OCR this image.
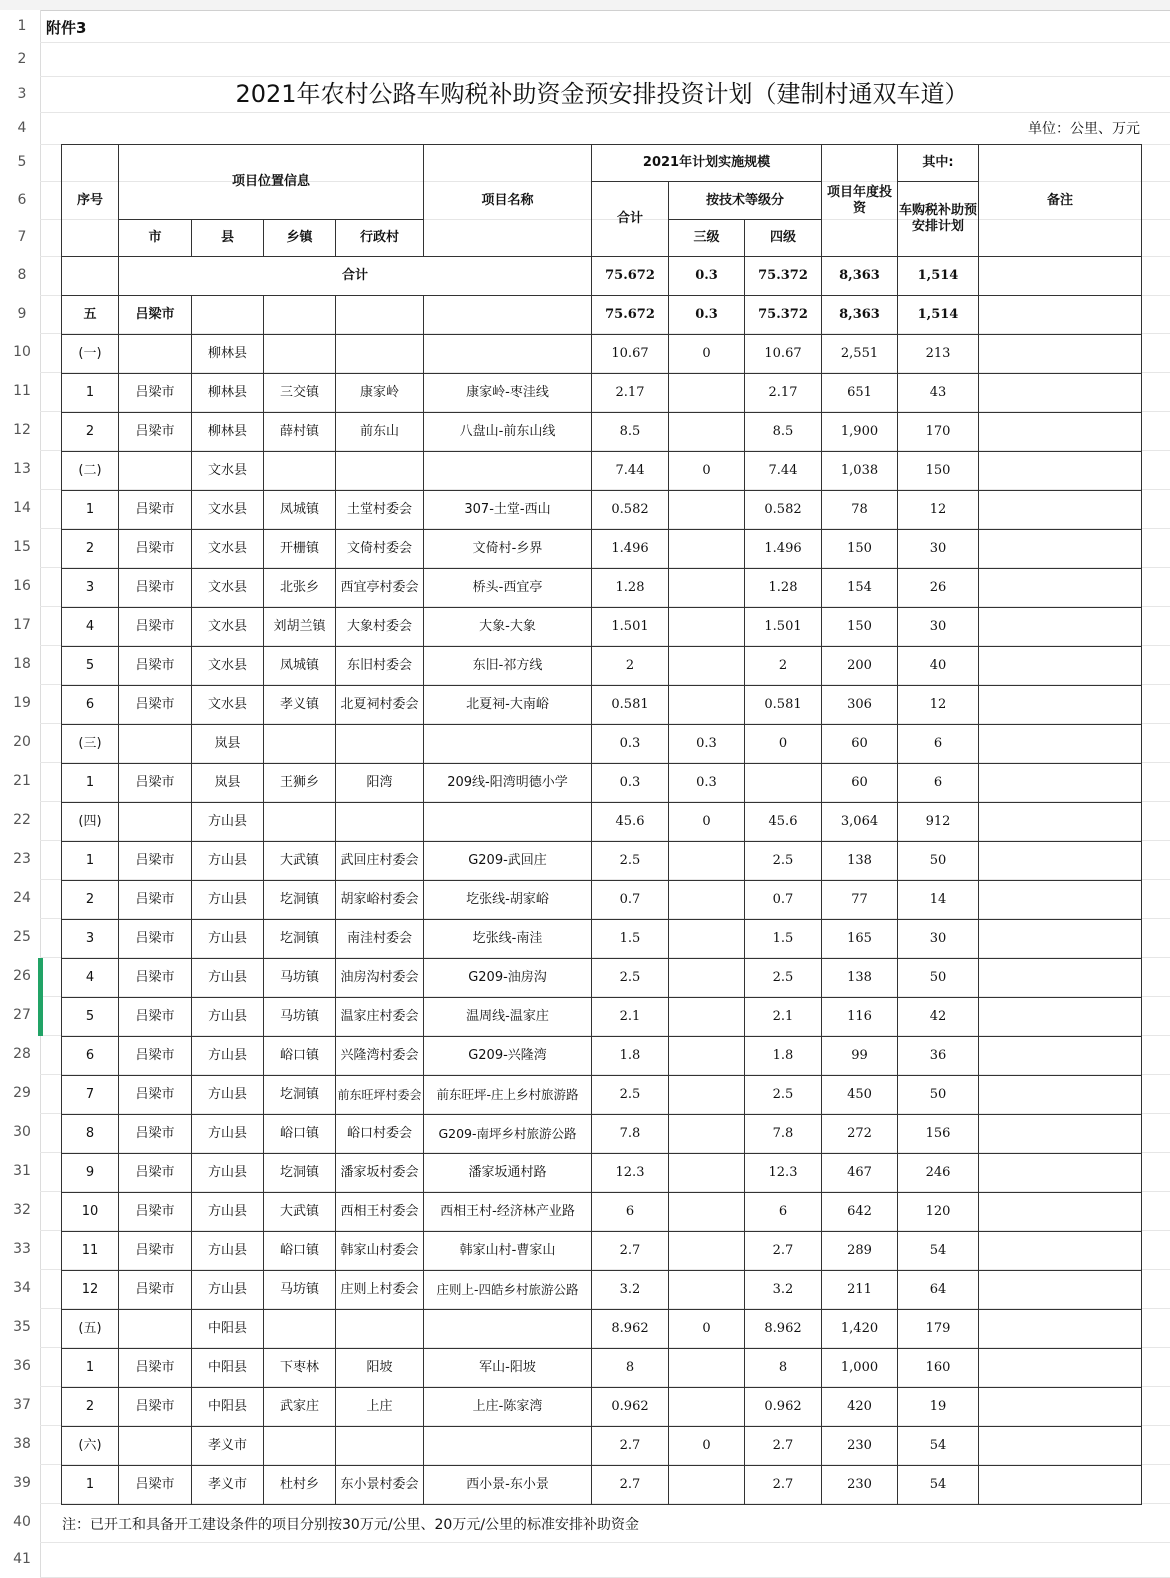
1
2
3
4
5
6
7
8
9
10
11
12
13
14
15
16
17
18
19
20
21
22
23
24
25
26
27
28
29
30
31
32
33
34
35
36
37
38
39
40
41
附件3
2021年农村公路车购税补助资金预安排投资计划（建制村通双车道）
单位：公里、万元
序号	项目位置信息				项目名称	2021年计划实施规模			项目年度投资	其中:	备注
						合计	按技术等级分			车购税补助预安排计划	
	市	县	乡镇	行政村			三级	四级			
	合计					75.672	0.3	75.372	8,363	1,514	
五	吕梁市					75.672	0.3	75.372	8,363	1,514	
(一)		柳林县				10.67	0	10.67	2,551	213	
1	吕梁市	柳林县	三交镇	康家岭	康家岭-枣洼线	2.17		2.17	651	43	
2	吕梁市	柳林县	薛村镇	前东山	八盘山-前东山线	8.5		8.5	1,900	170	
(二)		文水县				7.44	0	7.44	1,038	150	
1	吕梁市	文水县	凤城镇	土堂村委会	307-土堂-西山	0.582		0.582	78	12	
2	吕梁市	文水县	开栅镇	文倚村委会	文倚村-乡界	1.496		1.496	150	30	
3	吕梁市	文水县	北张乡	西宜亭村委会	桥头-西宜亭	1.28		1.28	154	26	
4	吕梁市	文水县	刘胡兰镇	大象村委会	大象-大象	1.501		1.501	150	30	
5	吕梁市	文水县	凤城镇	东旧村委会	东旧-祁方线	2		2	200	40	
6	吕梁市	文水县	孝义镇	北夏祠村委会	北夏祠-大南峪	0.581		0.581	306	12	
(三)		岚县				0.3	0.3	0	60	6	
1	吕梁市	岚县	王狮乡	阳湾	209线-阳湾明德小学	0.3	0.3		60	6	
(四)		方山县				45.6	0	45.6	3,064	912	
1	吕梁市	方山县	大武镇	武回庄村委会	G209-武回庄	2.5		2.5	138	50	
2	吕梁市	方山县	圪洞镇	胡家峪村委会	圪张线-胡家峪	0.7		0.7	77	14	
3	吕梁市	方山县	圪洞镇	南洼村委会	圪张线-南洼	1.5		1.5	165	30	
4	吕梁市	方山县	马坊镇	油房沟村委会	G209-油房沟	2.5		2.5	138	50	
5	吕梁市	方山县	马坊镇	温家庄村委会	温周线-温家庄	2.1		2.1	116	42	
6	吕梁市	方山县	峪口镇	兴隆湾村委会	G209-兴隆湾	1.8		1.8	99	36	
7	吕梁市	方山县	圪洞镇	前东旺坪村委会	前东旺坪-庄上乡村旅游路	2.5		2.5	450	50	
8	吕梁市	方山县	峪口镇	峪口村委会	G209-南坪乡村旅游公路	7.8		7.8	272	156	
9	吕梁市	方山县	圪洞镇	潘家坂村委会	潘家坂通村路	12.3		12.3	467	246	
10	吕梁市	方山县	大武镇	西相王村委会	西相王村-经济林产业路	6		6	642	120	
11	吕梁市	方山县	峪口镇	韩家山村委会	韩家山村-曹家山	2.7		2.7	289	54	
12	吕梁市	方山县	马坊镇	庄则上村委会	庄则上-四皓乡村旅游公路	3.2		3.2	211	64	
(五)		中阳县				8.962	0	8.962	1,420	179	
1	吕梁市	中阳县	下枣林	阳坡	军山-阳坡	8		8	1,000	160	
2	吕梁市	中阳县	武家庄	上庄	上庄-陈家湾	0.962		0.962	420	19	
(六)		孝义市				2.7	0	2.7	230	54	
1	吕梁市	孝义市	杜村乡	东小景村委会	西小景-东小景	2.7		2.7	230	54	
注：已开工和具备开工建设条件的项目分别按30万元/公里、20万元/公里的标准安排补助资金
